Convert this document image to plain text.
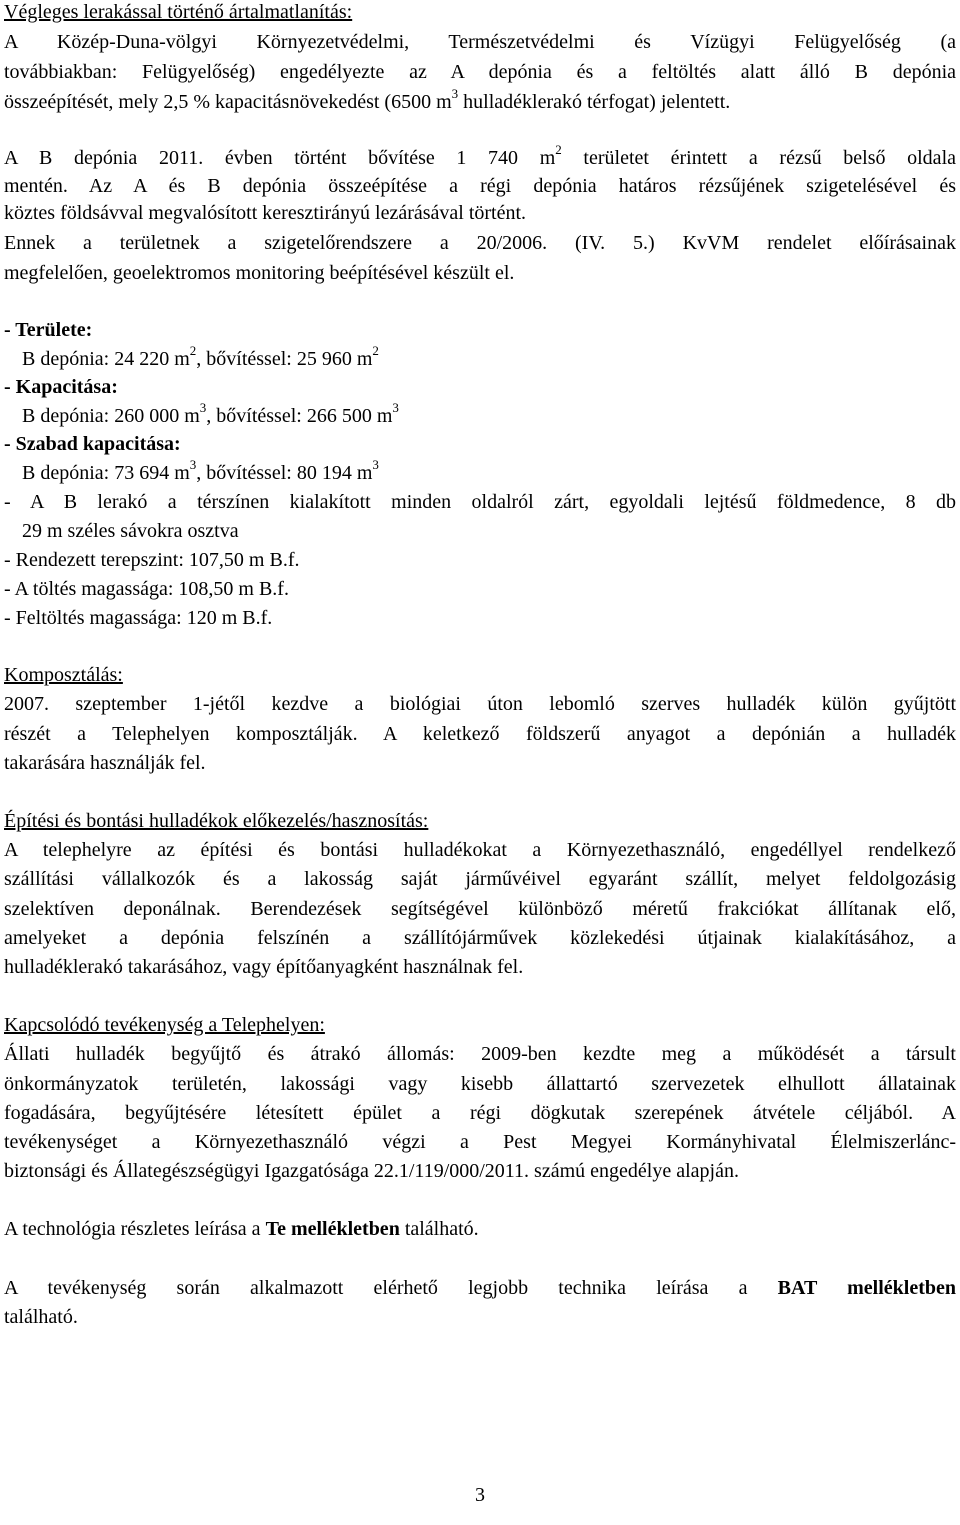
Végleges lerakással történő ártalmatlanítás:
A Közép-Duna-völgyi Környezetvédelmi, Természetvédelmi és Vízügyi Felügyelőség (a
továbbiakban: Felügyelőség) engedélyezte az A depónia és a feltöltés alatt álló B depónia
összeépítését, mely 2,5 % kapacitásnövekedést (6500 $m^3$ hulladéklerakó térfogat) jelentett.
A B depónia 2011. évben történt bővítése 1 740 $m^2$ területet érintett a rézsű belső oldala
mentén. Az A és B depónia összeépítése a régi depónia határos rézsűjének szigetelésével és
köztes földsávval megvalósított keresztirányú lezárásával történt.
Ennek a területnek a szigetelőrendszere a 20/2006. (IV. 5.) KvVM rendelet előírásainak
megfelelően, geoelektromos monitoring beépítésével készült el.
- Területe:
B depónia: 24 220 $m^2$, bővítéssel: 25 960 $m^2$
- Kapacitása:
B depónia: 260 000 $m^3$, bővítéssel: 266 500 $m^3$
- Szabad kapacitása:
B depónia: 73 694 $m^3$, bővítéssel: 80 194 $m^3$
- A B lerakó a térszínen kialakított minden oldalról zárt, egyoldali lejtésű földmedence, 8 db
29 m széles sávokra osztva
- Rendezett terepszint: 107,50 m B.f.
- A töltés magassága: 108,50 m B.f.
- Feltöltés magassága: 120 m B.f.
Komposztálás:
2007. szeptember 1-jétől kezdve a biológiai úton lebomló szerves hulladék külön gyűjtött
részét a Telephelyen komposztálják. A keletkező földszerű anyagot a depónián a hulladék
takarására használják fel.
Építési és bontási hulladékok előkezelés/hasznosítás:
A telephelyre az építési és bontási hulladékokat a Környezethasználó, engedéllyel rendelkező
szállítási vállalkozók és a lakosság saját járművéivel egyaránt szállít, melyet feldolgozásig
szelektíven deponálnak. Berendezések segítségével különböző méretű frakciókat állítanak elő,
amelyeket a depónia felszínén a szállítójárművek közlekedési útjainak kialakításához, a
hulladéklerakó takarásához, vagy építőanyagként használnak fel.
Kapcsolódó tevékenység a Telephelyen:
Állati hulladék begyűjtő és átrakó állomás: 2009-ben kezdte meg a működését a társult
önkormányzatok területén, lakossági vagy kisebb állattartó szervezetek elhullott állatainak
fogadására, begyűjtésére létesített épület a régi dögkutak szerepének átvétele céljából. A
tevékenységet a Környezethasználó végzi a Pest Megyei Kormányhivatal Élelmiszerlánc-
biztonsági és Állategészségügyi Igazgatósága 22.1/119/000/2011. számú engedélye alapján.
A technológia részletes leírása a Te mellékletben található.
A tevékenység során alkalmazott elérhető legjobb technika leírása a BAT mellékletben
található.
3
